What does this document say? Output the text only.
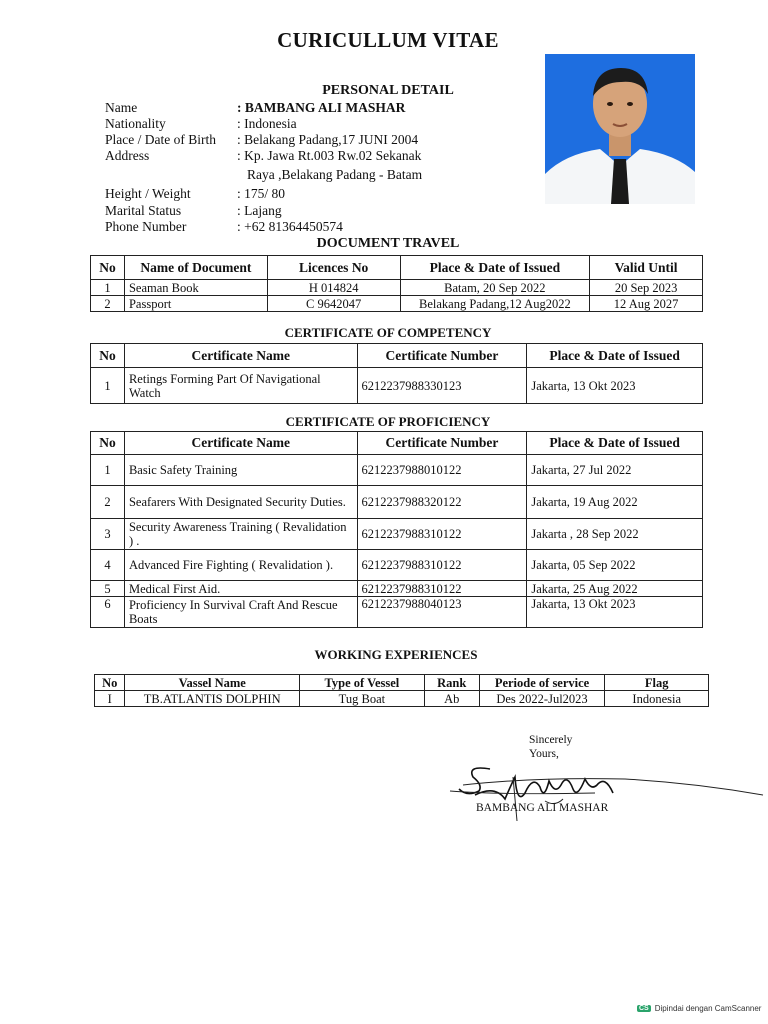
CURICULLUM VITAE
PERSONAL DETAIL
Name	: BAMBANG ALI MASHAR
Nationality	: Indonesia
Place / Date of Birth : Belakang Padang,17 JUNI 2004
Address	: Kp. Jawa Rt.003 Rw.02 Sekanak
Raya ,Belakang Padang - Batam
Height / Weight	: 175/ 80
Marital Status	: Lajang
Phone Number	: +62 81364450574
DOCUMENT TRAVEL
No	Name of Document	Licences No	Place & Date of Issued	Valid Until
1	Seaman Book	H 014824	Batam, 20 Sep 2022	20 Sep 2023
2	Passport	C 9642047	Belakang Padang,12 Aug2022	12 Aug 2027
CERTIFICATE OF COMPETENCY
No	Certificate Name	Certificate Number	Place & Date of Issued
1	Retings Forming Part Of Navigational Watch	6212237988330123	Jakarta, 13 Okt 2023
CERTIFICATE OF PROFICIENCY
No	Certificate Name	Certificate Number	Place & Date of Issued
1	Basic Safety Training	6212237988010122	Jakarta, 27 Jul 2022
2	Seafarers With Designated Security Duties.	6212237988320122	Jakarta, 19 Aug 2022
3	Security Awareness Training ( Revalidation ) .	6212237988310122	Jakarta , 28 Sep 2022
4	Advanced Fire Fighting ( Revalidation ).	6212237988310122	Jakarta, 05 Sep 2022
5	Medical First Aid.	6212237988310122	Jakarta, 25 Aug 2022
6	Proficiency In Survival Craft And Rescue Boats	6212237988040123	Jakarta, 13 Okt 2023
WORKING EXPERIENCES
No	Vassel Name	Type of Vessel	Rank	Periode of service	Flag
I	TB.ATLANTIS DOLPHIN	Tug Boat	Ab	Des 2022-Jul2023	Indonesia
Sincerely
Yours,
BAMBANG ALI MASHAR
CS Dipindai dengan CamScanner
